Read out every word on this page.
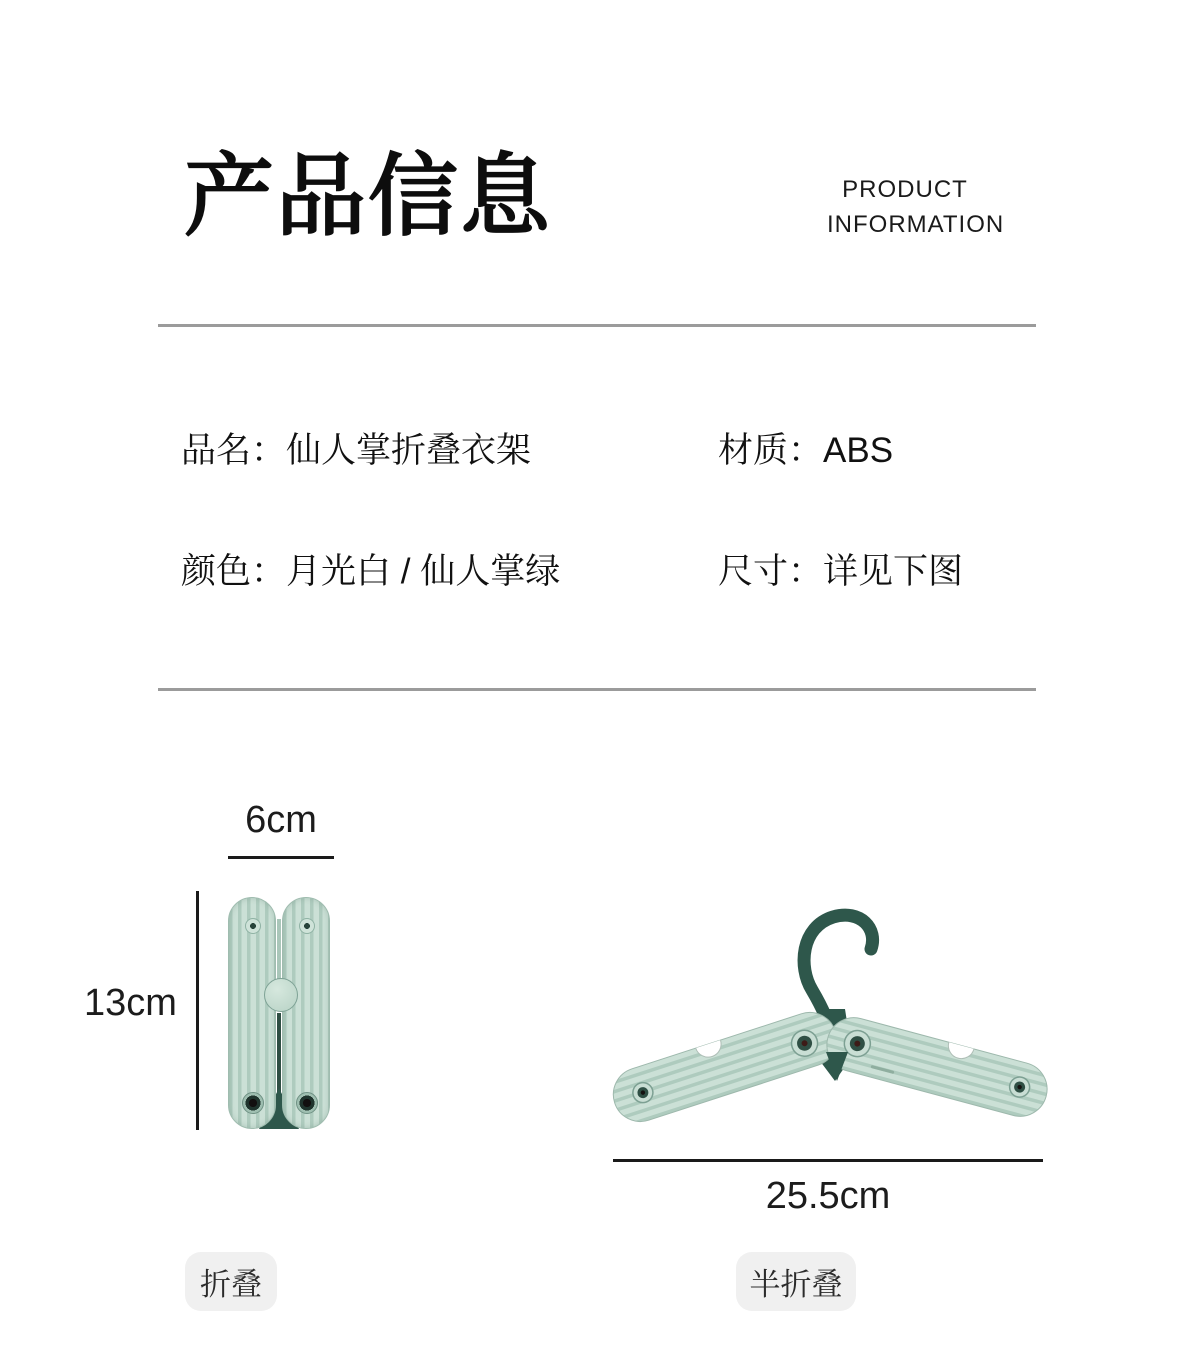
产品信息	PRODUCT
INFORMATION
品名：仙人掌折叠衣架	材质：ABS
颜色：月光白 / 仙人掌绿	尺寸：详见下图
6cm
13cm
25.5cm
折叠	半折叠
